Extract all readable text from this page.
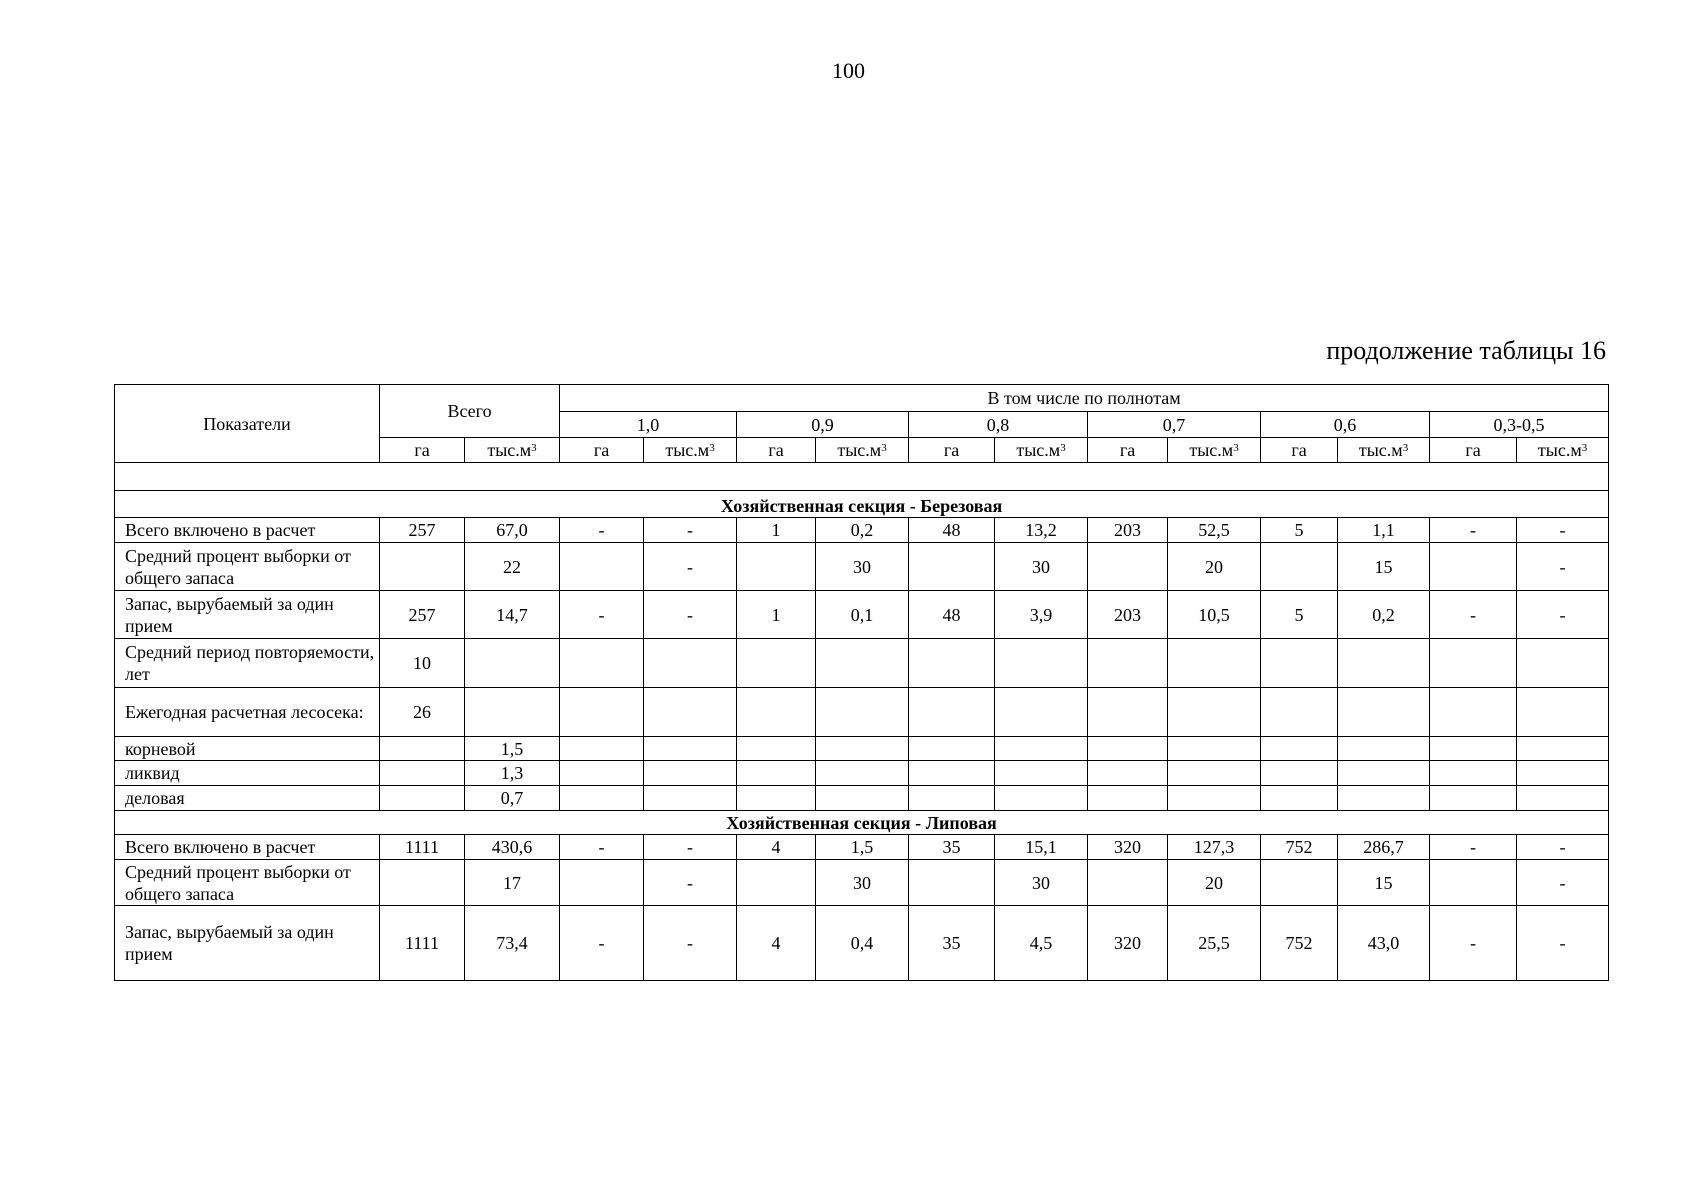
100
продолжение таблицы 16
Показатели	Всего		В том числе по полнотам											
			1,0		0,9		0,8		0,7		0,6		0,3-0,5	
	га	$тыс.м^3$	га	$тыс.м^3$	га	$тыс.м^3$	га	$тыс.м^3$	га	$тыс.м^3$	га	$тыс.м^3$	га	$тыс.м^3$

Хозяйственная секция - Березовая														
Всего включено в расчет	257	67,0	-	-	1	0,2	48	13,2	203	52,5	5	1,1	-	-
Средний процент выборки от общего запаса		22		-		30		30		20		15		-
Запас, вырубаемый за один прием	257	14,7	-	-	1	0,1	48	3,9	203	10,5	5	0,2	-	-
Средний период повторяемости, лет	10													
Ежегодная расчетная лесосека:	26													
корневой		1,5												
ликвид		1,3												
деловая		0,7												
Хозяйственная секция - Липовая														
Всего включено в расчет	1111	430,6	-	-	4	1,5	35	15,1	320	127,3	752	286,7	-	-
Средний процент выборки от общего запаса		17		-		30		30		20		15		-
Запас, вырубаемый за один прием	1111	73,4	-	-	4	0,4	35	4,5	320	25,5	752	43,0	-	-
